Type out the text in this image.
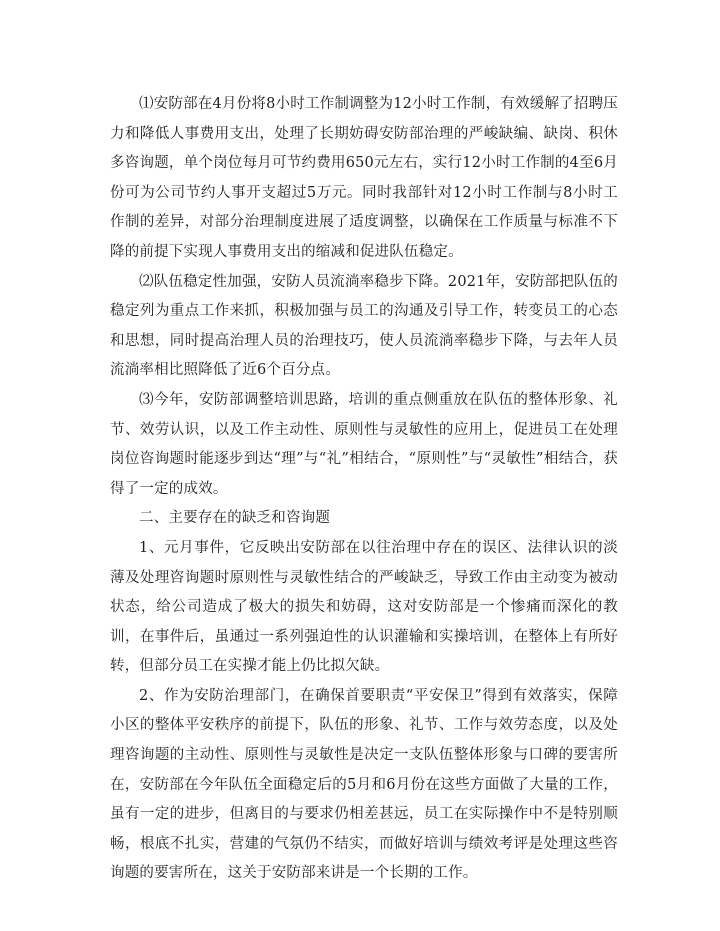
⑴安防部在4月份将8小时工作制调整为12小时工作制，有效缓解了招聘压力和降低人事费用支出，处理了长期妨碍安防部治理的严峻缺编、缺岗、积休多咨询题，单个岗位每月可节约费用650元左右，实行12小时工作制的4至6月份可为公司节约人事开支超过5万元。同时我部针对12小时工作制与8小时工作制的差异，对部分治理制度进展了适度调整，以确保在工作质量与标准不下降的前提下实现人事费用支出的缩减和促进队伍稳定。

⑵队伍稳定性加强，安防人员流淌率稳步下降。2021年，安防部把队伍的稳定列为重点工作来抓，积极加强与员工的沟通及引导工作，转变员工的心态和思想，同时提高治理人员的治理技巧，使人员流淌率稳步下降，与去年人员流淌率相比照降低了近6个百分点。

⑶今年，安防部调整培训思路，培训的重点侧重放在队伍的整体形象、礼节、效劳认识，以及工作主动性、原则性与灵敏性的应用上，促进员工在处理岗位咨询题时能逐步到达“理”与“礼”相结合，“原则性”与“灵敏性”相结合，获得了一定的成效。

二、主要存在的缺乏和咨询题

1、元月事件，它反映出安防部在以往治理中存在的误区、法律认识的淡薄及处理咨询题时原则性与灵敏性结合的严峻缺乏，导致工作由主动变为被动状态，给公司造成了极大的损失和妨碍，这对安防部是一个惨痛而深化的教训，在事件后，虽通过一系列强迫性的认识灌输和实操培训，在整体上有所好转，但部分员工在实操才能上仍比拟欠缺。

2、作为安防治理部门，在确保首要职责“平安保卫”得到有效落实，保障小区的整体平安秩序的前提下，队伍的形象、礼节、工作与效劳态度，以及处理咨询题的主动性、原则性与灵敏性是决定一支队伍整体形象与口碑的要害所在，安防部在今年队伍全面稳定后的5月和6月份在这些方面做了大量的工作，虽有一定的进步，但离目的与要求仍相差甚远，员工在实际操作中不是特别顺畅，根底不扎实，营建的气氛仍不结实，而做好培训与绩效考评是处理这些咨询题的要害所在，这关于安防部来讲是一个长期的工作。
